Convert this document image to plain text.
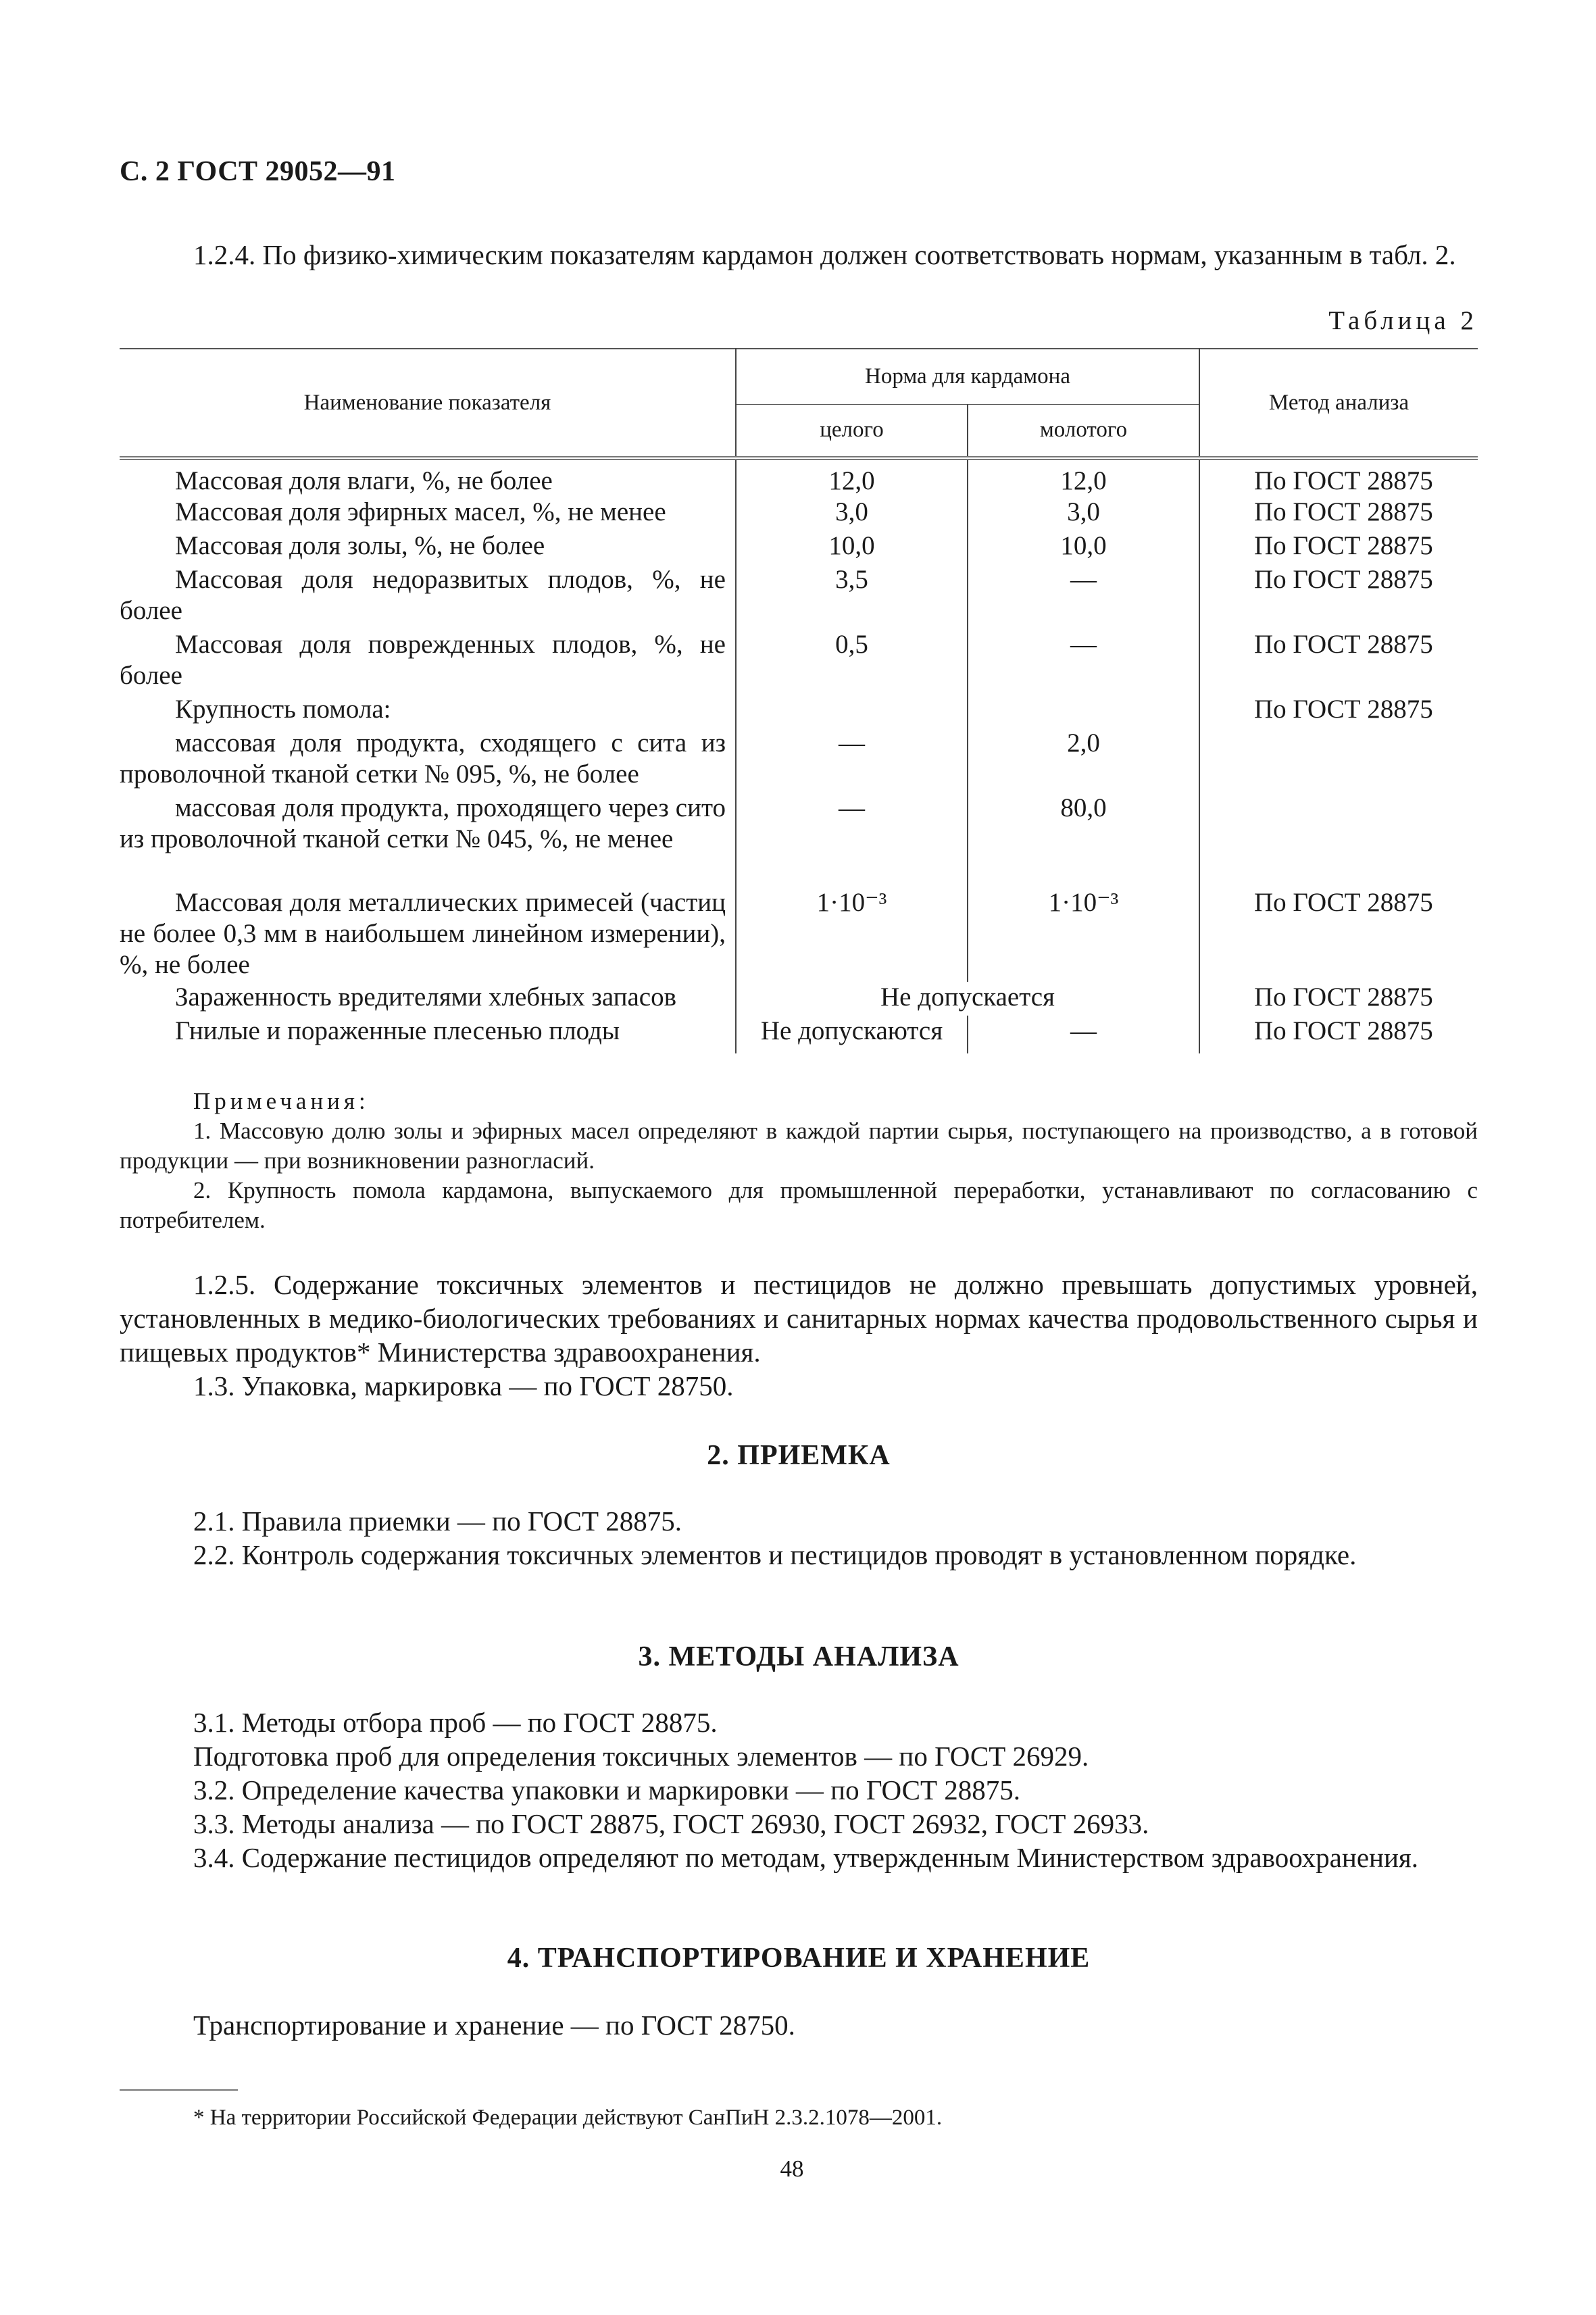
С. 2 ГОСТ 29052—91

1.2.4. По физико-химическим показателям кардамон должен соответствовать нормам, указанным в табл. 2.

Таблица 2
Наименование показателя	Норма для кардамона		Метод анализа
	целого	молотого	

Массовая доля влаги, %, не более	12,0	12,0	По ГОСТ 28875

Массовая доля эфирных масел, %, не менее	3,0	3,0	По ГОСТ 28875

Массовая доля золы, %, не более	10,0	10,0	По ГОСТ 28875

Массовая доля недоразвитых плодов, %, не более	3,5	—	По ГОСТ 28875

Массовая доля поврежденных плодов, %, не более	0,5	—	По ГОСТ 28875

Крупность помола:			По ГОСТ 28875

массовая доля продукта, сходящего с сита из проволочной тканой сетки № 095, %, не более	—	2,0	

массовая доля продукта, проходящего через сито из проволочной тканой сетки № 045, %, не менее	—	80,0	

Массовая доля металлических примесей (частиц не более 0,3 мм в наибольшем линейном измерении), %, не более	1·10⁻³	1·10⁻³	По ГОСТ 28875

Зараженность вредителями хлебных запасов	Не допускается		По ГОСТ 28875

Гнилые и пораженные плесенью плоды	Не допускаются	—	По ГОСТ 28875
Примечания:
1. Массовую долю золы и эфирных масел определяют в каждой партии сырья, поступающего на производство, а в готовой продукции — при возникновении разногласий.
2. Крупность помола кардамона, выпускаемого для промышленной переработки, устанавливают по согласованию с потребителем.

1.2.5. Содержание токсичных элементов и пестицидов не должно превышать допустимых уровней, установленных в медико-биологических требованиях и санитарных нормах качества продовольственного сырья и пищевых продуктов* Министерства здравоохранения.

1.3. Упаковка, маркировка — по ГОСТ 28750.

2. ПРИЕМКА

2.1. Правила приемки — по ГОСТ 28875.

2.2. Контроль содержания токсичных элементов и пестицидов проводят в установленном порядке.

3. МЕТОДЫ АНАЛИЗА

3.1. Методы отбора проб — по ГОСТ 28875.

Подготовка проб для определения токсичных элементов — по ГОСТ 26929.

3.2. Определение качества упаковки и маркировки — по ГОСТ 28875.

3.3. Методы анализа — по ГОСТ 28875, ГОСТ 26930, ГОСТ 26932, ГОСТ 26933.

3.4. Содержание пестицидов определяют по методам, утвержденным Министерством здравоохранения.

4. ТРАНСПОРТИРОВАНИЕ И ХРАНЕНИЕ

Транспортирование и хранение — по ГОСТ 28750.

* На территории Российской Федерации действуют СанПиН 2.3.2.1078—2001.
48
